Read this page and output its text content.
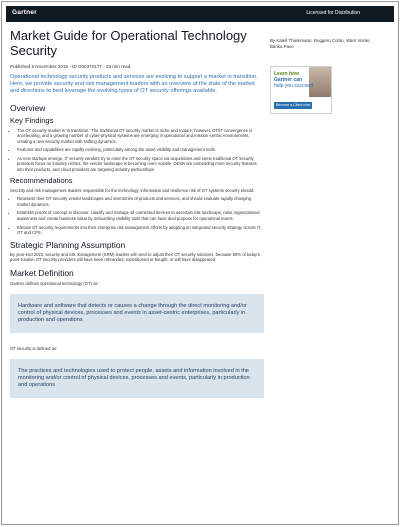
Gartner	Licensed for Distribution
Market Guide for Operational Technology Security
Published 5 November 2019 - ID G00370177 - 23 min read
Operational technology security products and services are evolving to support a market in transition. Here, we provide security and risk management leaders with an overview of the state of the market and directions to best leverage the evolving types of OT security offerings available.
Overview
Key Findings
• The OT security market is 'in transition.' The traditional OT security market is niche and mature; however, OT/IT convergence is accelerating, and a growing number of cyber-physical systems are emerging in operational and mission-centric environments, creating a new security market with shifting dynamics.
• Features and capabilities are rapidly evolving, particularly among the asset visibility and management tools.
• As new startups emerge, IT security vendors try to enter the OT security space via acquisitions and some traditional OT security providers focus on industry niches, the vendor landscape is becoming more volatile. OEMs are embedding more security features into their products, and cloud providers are targeting industry partnerships.
Recommendations

Security and risk management leaders responsible for the technology, information and resilience risk of OT systems security should:

• Reassess their OT security vendor landscapes and inventories of products and services, and should evaluate rapidly changing market dynamics.
• Establish proofs of concept to discover, classify and manage all connected devices to ascertain risk landscape, raise organizational awareness and create business value by onboarding visibility tools that can have dual purpose for operational teams.
• Elevate OT security requirements into their enterprise risk management efforts by adopting an integrated security strategy across IT, OT and CPS.
Strategic Planning Assumption

By year-end 2023, security and risk management (SRM) leaders will need to adjust their OT security solutions, because 80% of today's point solution OT security providers will have been rebranded, repositioned or bought, or will have disappeared.

Market Definition

Gartner defines operational technology (OT) as:

Hardware and software that detects or causes a change through the direct monitoring and/or control of physical devices, processes and events in asset-centric enterprises, particularly in production and operations

OT security is defined as:

The practices and technologies used to protect people, assets and information involved in the monitoring and/or control of physical devices, processes and events, particularly in production and operations
By Katell Thielemann, Ruggero Contu, Wam Voster, Barika Pace
Learn how
Gartner can
help you succeed
Become a Client now ▸
